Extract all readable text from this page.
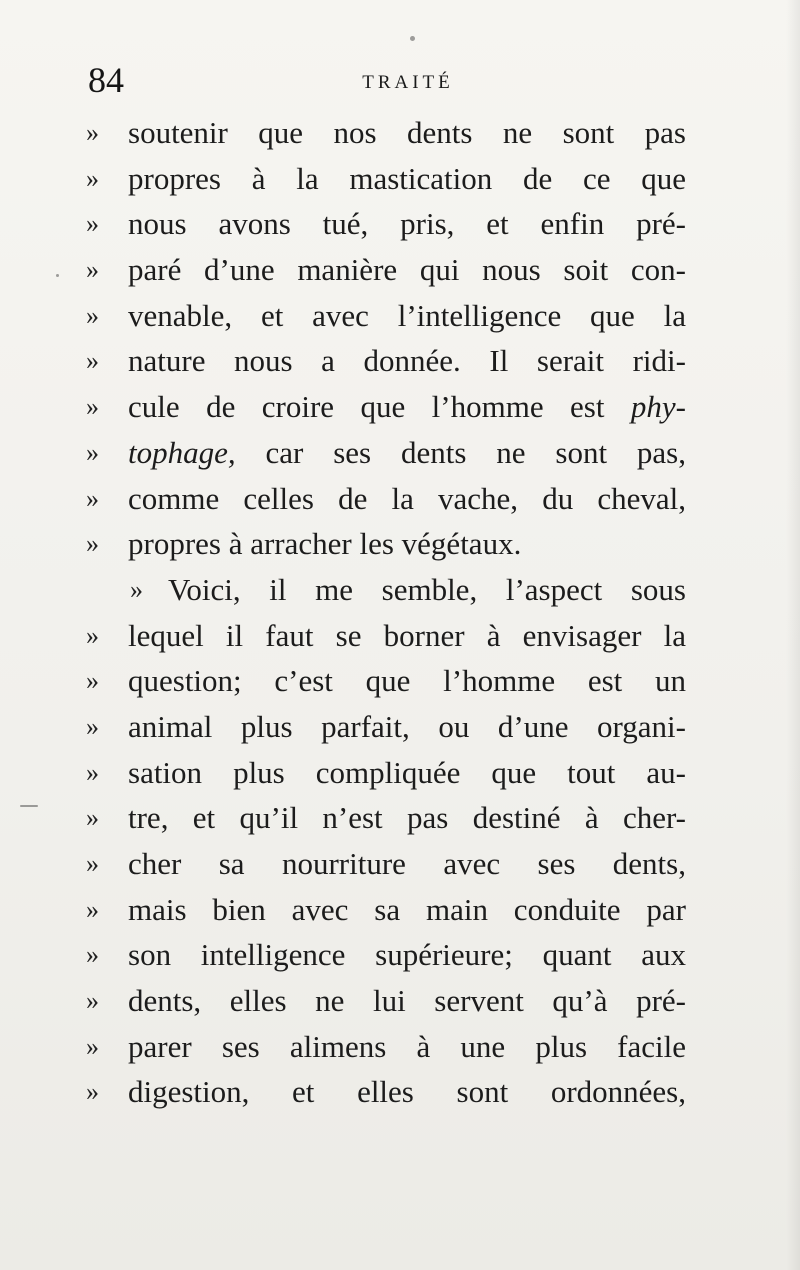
84	TRAITÉ
» soutenir que nos dents ne sont pas
» propres à la mastication de ce que
» nous avons tué, pris, et enfin pré-
» paré d’une manière qui nous soit con-
» venable, et avec l’intelligence que la
» nature nous a donnée. Il serait ridi-
» cule de croire que l’homme est phy-
» tophage, car ses dents ne sont pas,
» comme celles de la vache, du cheval,
» propres à arracher les végétaux.
» Voici, il me semble, l’aspect sous
» lequel il faut se borner à envisager la
» question; c’est que l’homme est un
» animal plus parfait, ou d’une organi-
» sation plus compliquée que tout au-
» tre, et qu’il n’est pas destiné à cher-
» cher sa nourriture avec ses dents,
» mais bien avec sa main conduite par
» son intelligence supérieure; quant aux
» dents, elles ne lui servent qu’à pré-
» parer ses alimens à une plus facile
» digestion, et elles sont ordonnées,
